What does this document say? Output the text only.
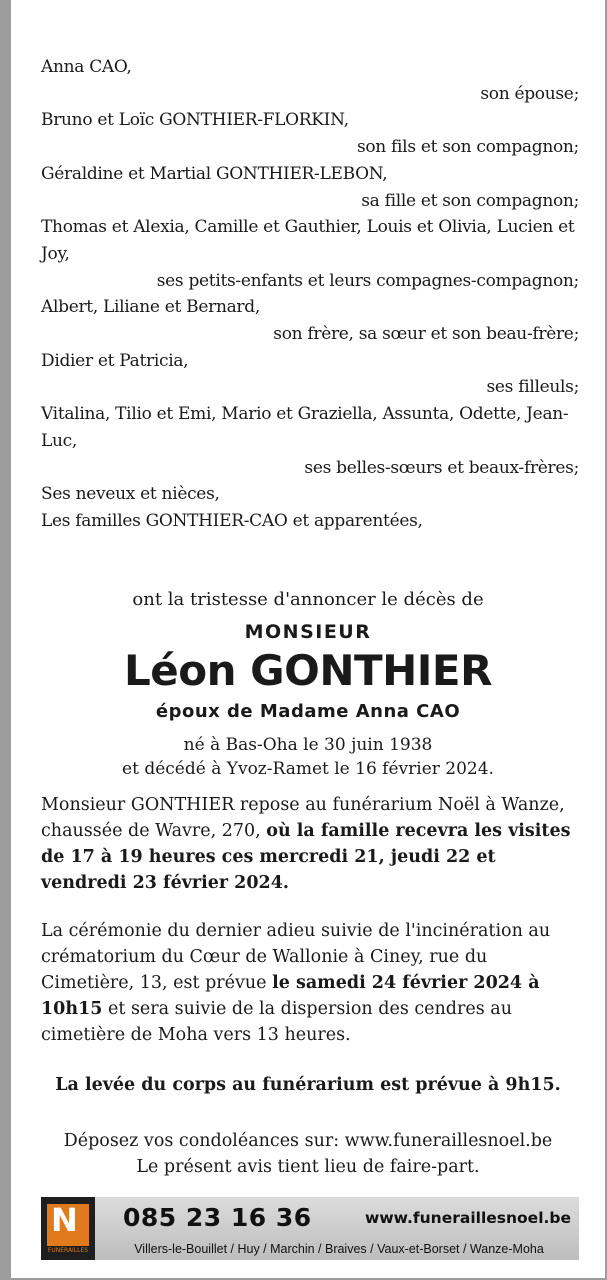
Anna CAO,
son épouse;
Bruno et Loïc GONTHIER-FLORKIN,
son fils et son compagnon;
Géraldine et Martial GONTHIER-LEBON,
sa fille et son compagnon;
Thomas et Alexia, Camille et Gauthier, Louis et Olivia, Lucien et Joy,
ses petits-enfants et leurs compagnes-compagnon;
Albert, Liliane et Bernard,
son frère, sa sœur et son beau-frère;
Didier et Patricia,
ses filleuls;
Vitalina, Tilio et Emi, Mario et Graziella, Assunta, Odette, Jean-Luc,
ses belles-sœurs et beaux-frères;
Ses neveux et nièces,
Les familles GONTHIER-CAO et apparentées,
ont la tristesse d'annoncer le décès de
MONSIEUR
Léon GONTHIER
époux de Madame Anna CAO
né à Bas-Oha le 30 juin 1938
et décédé à Yvoz-Ramet le 16 février 2024.
Monsieur GONTHIER repose au funérarium Noël à Wanze, chaussée de Wavre, 270, où la famille recevra les visites de 17 à 19 heures ces mercredi 21, jeudi 22 et vendredi 23 février 2024.
La cérémonie du dernier adieu suivie de l'incinération au crématorium du Cœur de Wallonie à Ciney, rue du Cimetière, 13, est prévue le samedi 24 février 2024 à 10h15 et sera suivie de la dispersion des cendres au cimetière de Moha vers 13 heures.
La levée du corps au funérarium est prévue à 9h15.
Déposez vos condoléances sur: www.funeraillesnoel.be
Le présent avis tient lieu de faire-part.
N
FUNÉRAILLES
085 23 16 36	www.funeraillesnoel.be
Villers-le-Bouillet / Huy / Marchin / Braives / Vaux-et-Borset / Wanze-Moha
